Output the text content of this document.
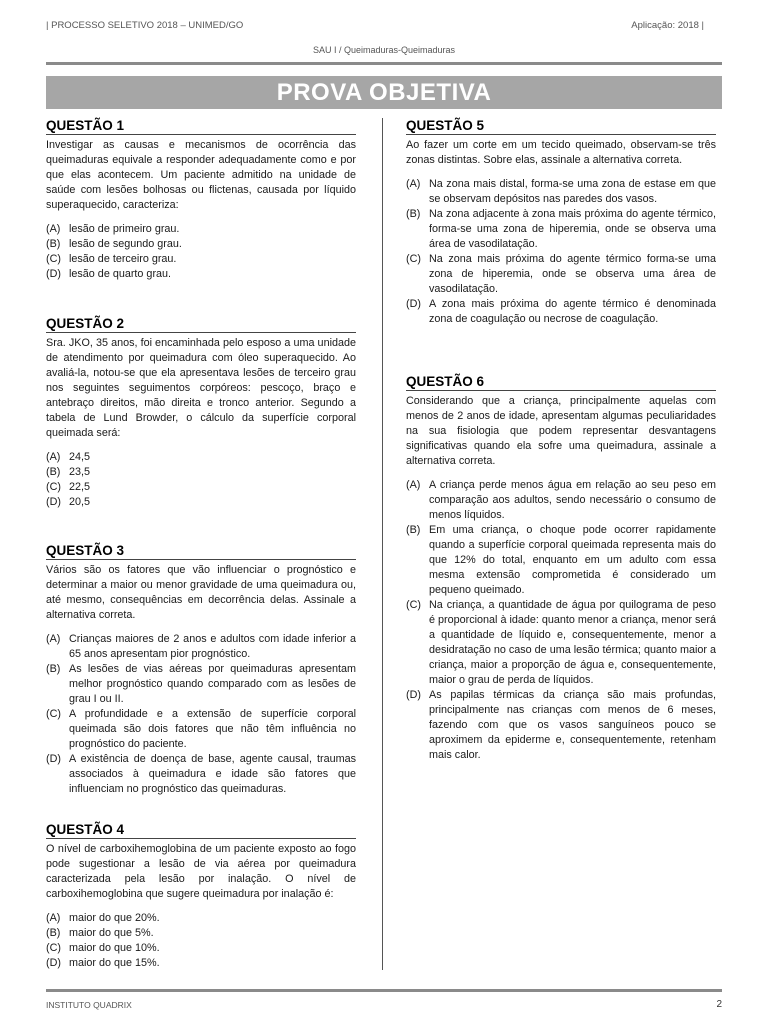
| PROCESSO SELETIVO 2018 – UNIMED/GO	Aplicação: 2018 |
SAU I / Queimaduras-Queimaduras
PROVA OBJETIVA
QUESTÃO 1

Investigar as causas e mecanismos de ocorrência das queimaduras equivale a responder adequadamente como e por que elas acontecem. Um paciente admitido na unidade de saúde com lesões bolhosas ou flictenas, causada por líquido superaquecido, caracteriza:

(A) lesão de primeiro grau.
(B) lesão de segundo grau.
(C) lesão de terceiro grau.
(D) lesão de quarto grau.
QUESTÃO 2

Sra. JKO, 35 anos, foi encaminhada pelo esposo a uma unidade de atendimento por queimadura com óleo superaquecido. Ao avaliá-la, notou-se que ela apresentava lesões de terceiro grau nos seguintes seguimentos corpóreos: pescoço, braço e antebraço direitos, mão direita e tronco anterior. Segundo a tabela de Lund Browder, o cálculo da superfície corporal queimada será:

(A) 24,5
(B) 23,5
(C) 22,5
(D) 20,5
QUESTÃO 3

Vários são os fatores que vão influenciar o prognóstico e determinar a maior ou menor gravidade de uma queimadura ou, até mesmo, consequências em decorrência delas. Assinale a alternativa correta.

(A) Crianças maiores de 2 anos e adultos com idade inferior a 65 anos apresentam pior prognóstico.
(B) As lesões de vias aéreas por queimaduras apresentam melhor prognóstico quando comparado com as lesões de grau I ou II.
(C) A profundidade e a extensão de superfície corporal queimada são dois fatores que não têm influência no prognóstico do paciente.
(D) A existência de doença de base, agente causal, traumas associados à queimadura e idade são fatores que influenciam no prognóstico das queimaduras.
QUESTÃO 4

O nível de carboxihemoglobina de um paciente exposto ao fogo pode sugestionar a lesão de via aérea por queimadura caracterizada pela lesão por inalação. O nível de carboxihemoglobina que sugere queimadura por inalação é:

(A) maior do que 20%.
(B) maior do que 5%.
(C) maior do que 10%.
(D) maior do que 15%.
QUESTÃO 5

Ao fazer um corte em um tecido queimado, observam-se três zonas distintas. Sobre elas, assinale a alternativa correta.

(A) Na zona mais distal, forma-se uma zona de estase em que se observam depósitos nas paredes dos vasos.
(B) Na zona adjacente à zona mais próxima do agente térmico, forma-se uma zona de hiperemia, onde se observa uma área de vasodilatação.
(C) Na zona mais próxima do agente térmico forma-se uma zona de hiperemia, onde se observa uma área de vasodilatação.
(D) A zona mais próxima do agente térmico é denominada zona de coagulação ou necrose de coagulação.
QUESTÃO 6

Considerando que a criança, principalmente aquelas com menos de 2 anos de idade, apresentam algumas peculiaridades na sua fisiologia que podem representar desvantagens significativas quando ela sofre uma queimadura, assinale a alternativa correta.

(A) A criança perde menos água em relação ao seu peso em comparação aos adultos, sendo necessário o consumo de menos líquidos.
(B) Em uma criança, o choque pode ocorrer rapidamente quando a superfície corporal queimada representa mais do que 12% do total, enquanto em um adulto com essa mesma extensão comprometida é considerado um pequeno queimado.
(C) Na criança, a quantidade de água por quilograma de peso é proporcional à idade: quanto menor a criança, menor será a quantidade de líquido e, consequentemente, menor a desidratação no caso de uma lesão térmica; quanto maior a criança, maior a proporção de água e, consequentemente, maior o grau de perda de líquidos.
(D) As papilas térmicas da criança são mais profundas, principalmente nas crianças com menos de 6 meses, fazendo com que os vasos sanguíneos pouco se aproximem da epiderme e, consequentemente, retenham mais calor.
INSTITUTO QUADRIX	2
